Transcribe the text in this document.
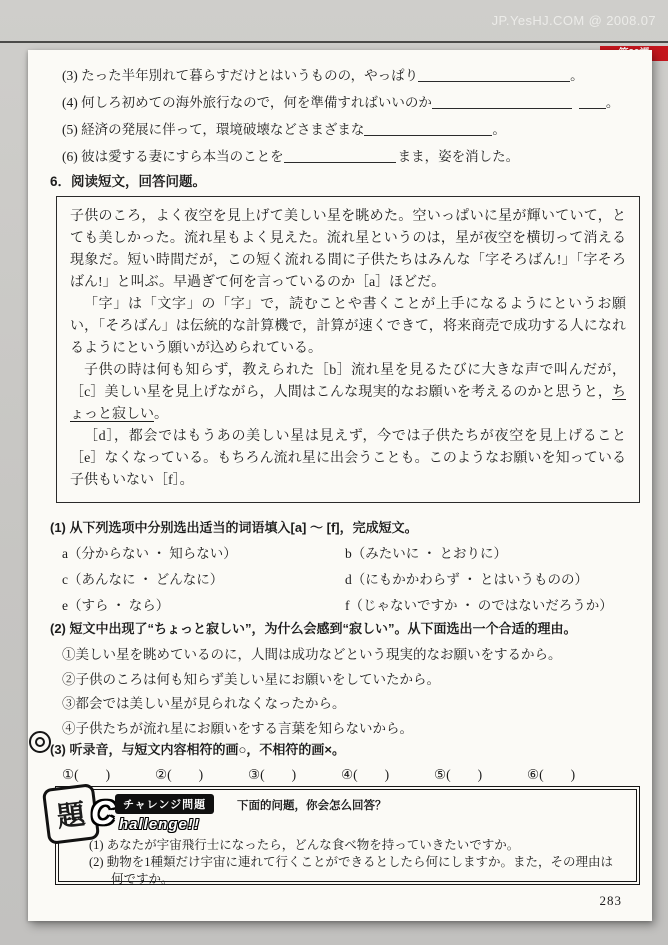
JP.YesHJ.COM @ 2008.07
(3) たった半年別れて暮らすだけとはいうものの，やっぱり	。
(4) 何しろ初めての海外旅行なので，何を準備すればいいのか	。
(5) 経済の発展に伴って，環境破壊などさまざまな	。
(6) 彼は愛する妻にすら本当のことを	まま，姿を消した。
6．阅读短文，回答问题。

子供のころ，よく夜空を見上げて美しい星を眺めた。空いっぱいに星が輝いていて，とても美しかった。流れ星もよく見えた。流れ星というのは，星が夜空を横切って消える現象だ。短い時間だが，この短く流れる間に子供たちはみんな「字そろばん!」「字そろばん!」と叫ぶ。早過ぎて何を言っているのか［a］ほどだ。

「字」は「文字」の「字」で，読むことや書くことが上手になるようにというお願い，「そろばん」は伝統的な計算機で，計算が速くできて，将来商売で成功する人になれるようにという願いが込められている。

子供の時は何も知らず，教えられた［b］流れ星を見るたびに大きな声で叫んだが，［c］美しい星を見上げながら，人間はこんな現実的なお願いを考えるのかと思うと，ちょっと寂しい。

［d］，都会ではもうあの美しい星は見えず，今では子供たちが夜空を見上げること［e］なくなっている。もちろん流れ星に出会うことも。このようなお願いを知っている子供もいない［f］。

(1) 从下列选项中分别选出适当的词语填入[a] ～ [f]，完成短文。
a（分からない ・ 知らない）	b（みたいに ・ とおりに）
c（あんなに ・ どんなに）	d（にもかかわらず ・ とはいうものの）
e（すら ・ なら）	f（じゃないですか ・ のではないだろうか）
(2) 短文中出现了“ちょっと寂しい”，为什么会感到“寂しい”。从下面选出一个合适的理由。
①美しい星を眺めているのに，人間は成功などという現実的なお願いをするから。
②子供のころは何も知らず美しい星にお願いをしていたから。
③都会では美しい星が見られなくなったから。
④子供たちが流れ星にお願いをする言葉を知らないから。
(3) 听录音，与短文内容相符的画○，不相符的画×。
①(　　)	②(　　)	③(　　)	④(　　)	⑤(　　)	⑥(　　)
題 C チャレンジ問題	下面的问题，你会怎么回答？
hallenge!!
(1) あなたが宇宙飛行士になったら，どんな食べ物を持っていきたいですか。
(2) 動物を1種類だけ宇宙に連れて行くことができるとしたら何にしますか。また，その理由は何ですか。
283
